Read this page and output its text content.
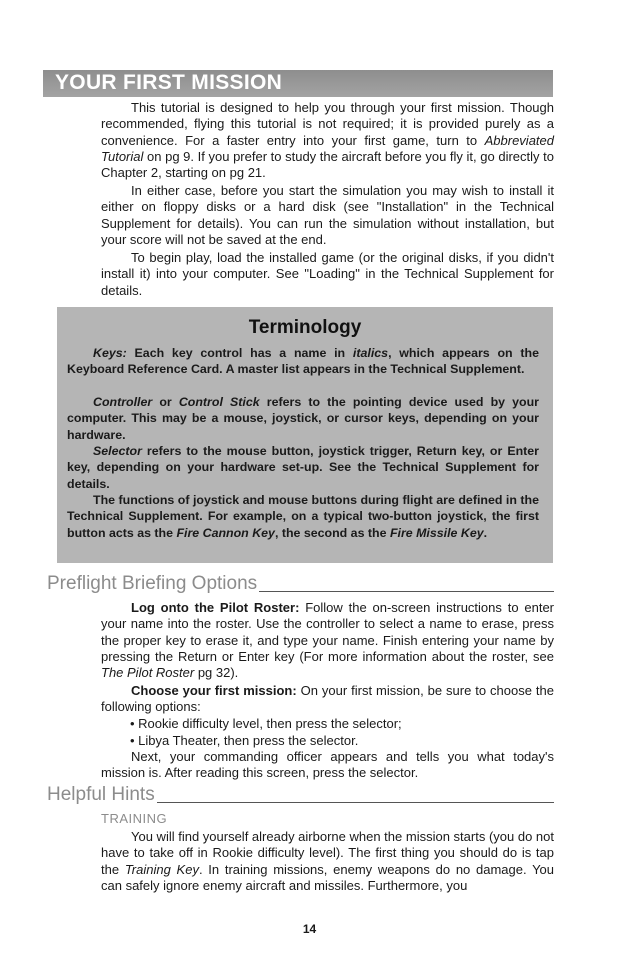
YOUR FIRST MISSION

This tutorial is designed to help you through your first mission. Though recommended, flying this tutorial is not required; it is provided purely as a convenience. For a faster entry into your first game, turn to Abbreviated Tutorial on pg 9. If you prefer to study the aircraft before you fly it, go directly to Chapter 2, starting on pg 21.

In either case, before you start the simulation you may wish to install it either on floppy disks or a hard disk (see "Installation" in the Technical Supplement for details). You can run the simulation without installation, but your score will not be saved at the end.

To begin play, load the installed game (or the original disks, if you didn't install it) into your computer. See "Loading" in the Technical Supplement for details.

Terminology

Keys: Each key control has a name in italics, which appears on the Keyboard Reference Card. A master list appears in the Technical Supplement.

Controller or Control Stick refers to the pointing device used by your computer. This may be a mouse, joystick, or cursor keys, depending on your hardware.

Selector refers to the mouse button, joystick trigger, Return key, or Enter key, depending on your hardware set-up. See the Technical Supplement for details.

The functions of joystick and mouse buttons during flight are defined in the Technical Supplement. For example, on a typical two-button joystick, the first button acts as the Fire Cannon Key, the second as the Fire Missile Key.

Preflight Briefing Options

Log onto the Pilot Roster: Follow the on-screen instructions to enter your name into the roster. Use the controller to select a name to erase, press the proper key to erase it, and type your name. Finish entering your name by pressing the Return or Enter key (For more information about the roster, see The Pilot Roster pg 32).

Choose your first mission: On your first mission, be sure to choose the following options:

• Rookie difficulty level, then press the selector;
• Libya Theater, then press the selector.

Next, your commanding officer appears and tells you what today's mission is. After reading this screen, press the selector.

Helpful Hints
TRAINING

You will find yourself already airborne when the mission starts (you do not have to take off in Rookie difficulty level). The first thing you should do is tap the Training Key. In training missions, enemy weapons do no damage. You can safely ignore enemy aircraft and missiles. Furthermore, you

14
